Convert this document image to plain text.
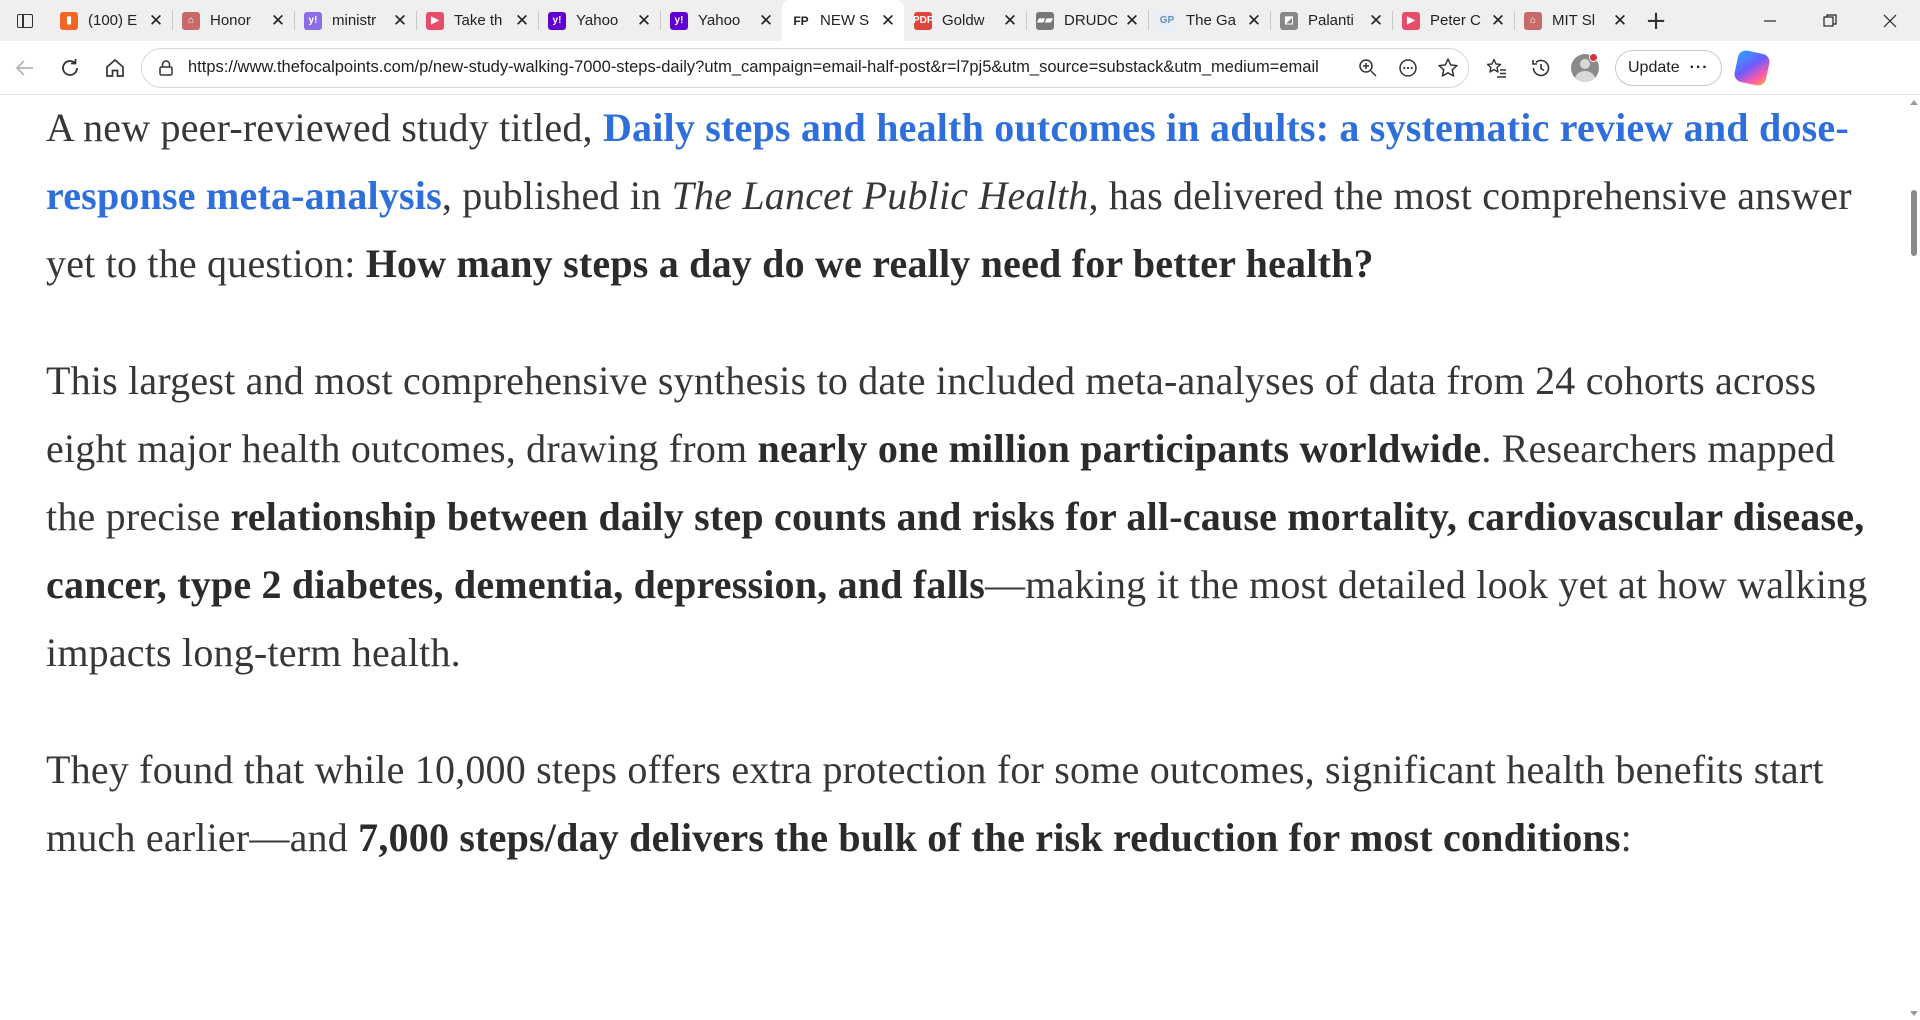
▮	(100) E ✕	⌂	Honor	✕	y! ministr ✕	▶	Take th ✕	y! Yahoo	✕	y! Yahoo	✕ FP NEW S ✕ PDF Goldw	✕ ▰▰ DRUDC ✕ GP The Ga ✕	◩ Palanti ✕	▶	Peter C ✕	⌂	MIT Sl	✕ +
https://www.thefocalpoints.com/p/new-study-walking-7000-steps-daily?utm_campaign=email-half-post&r=l7pj5&utm_source=substack&utm_medium=email	Update ···

A new peer-reviewed study titled, Daily steps and health outcomes in adults: a systematic review and dose-response meta-analysis, published in The Lancet Public Health, has delivered the most comprehensive answer yet to the question: How many steps a day do we really need for better health?

This largest and most comprehensive synthesis to date included meta-analyses of data from 24 cohorts across eight major health outcomes, drawing from nearly one million participants worldwide. Researchers mapped the precise relationship between daily step counts and risks for all-cause mortality, cardiovascular disease, cancer, type 2 diabetes, dementia, depression, and falls—making it the most detailed look yet at how walking impacts long-term health.

They found that while 10,000 steps offers extra protection for some outcomes, significant health benefits start much earlier—and 7,000 steps/day delivers the bulk of the risk reduction for most conditions:
